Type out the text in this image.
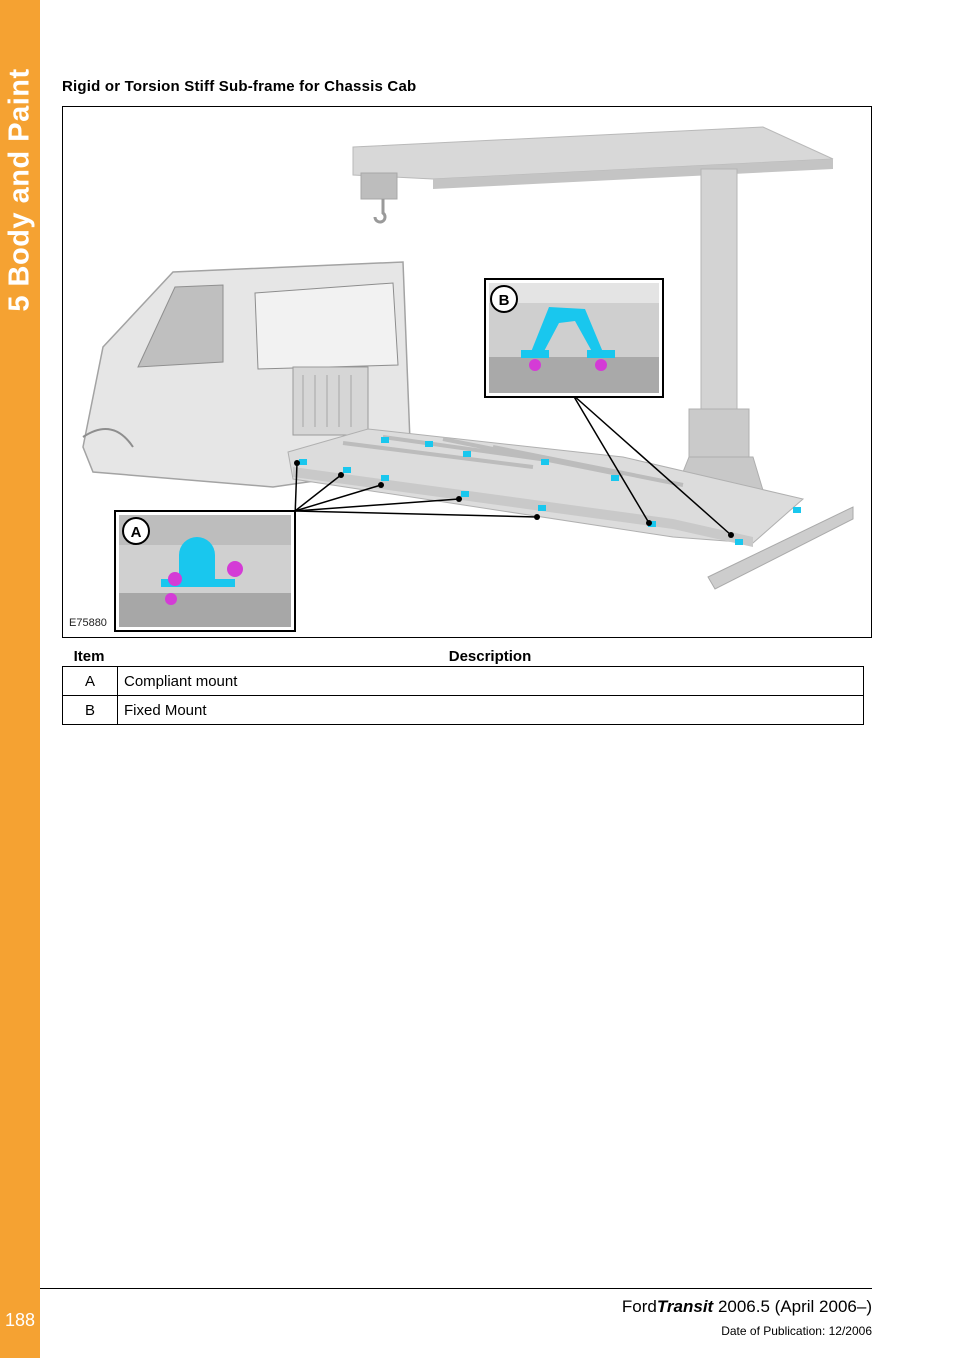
5 Body and Paint
188
Rigid or Torsion Stiff Sub-frame for Chassis Cab
B
A
E75880
Item	Description
A	Compliant mount
B	Fixed Mount
FordTransit 2006.5 (April 2006–)
Date of Publication: 12/2006
